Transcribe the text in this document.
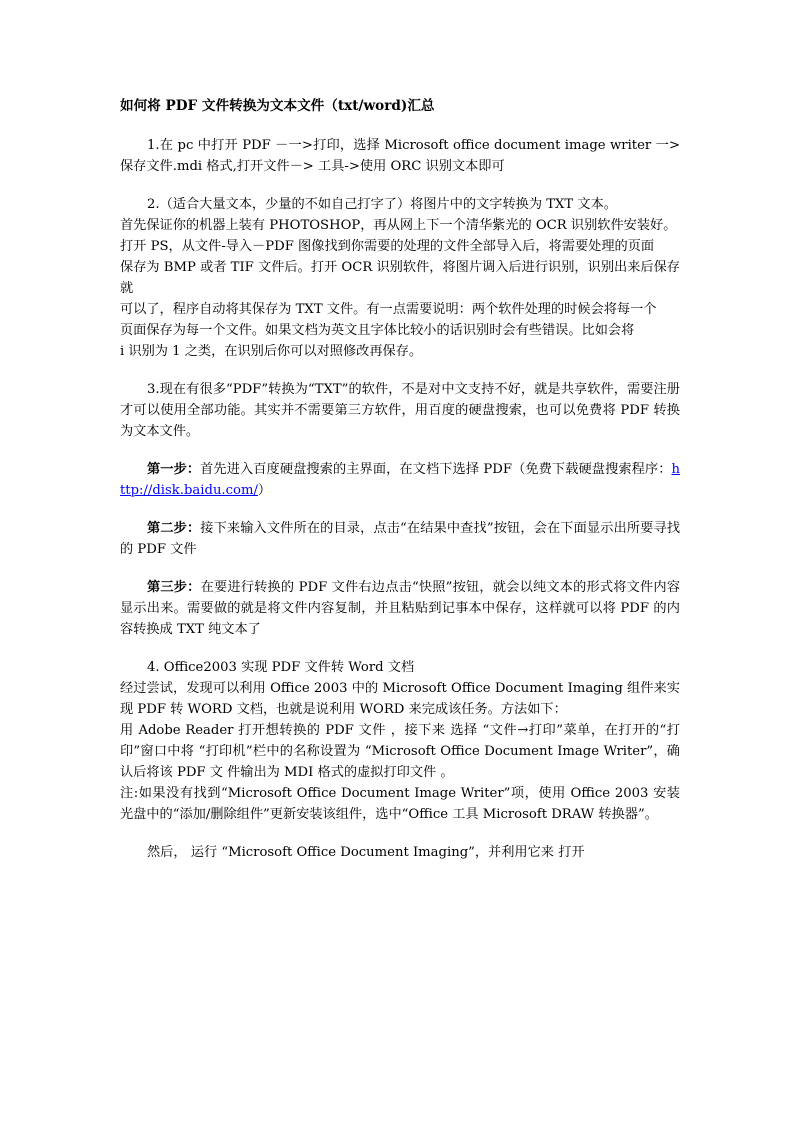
如何将 PDF 文件转换为文本文件（txt/word)汇总
1.在 pc 中打开 PDF －一>打印，选择 Microsoft office document image writer 一>保存文件.mdi 格式,打开文件－> 工具->使用 ORC 识别文本即可
2.（适合大量文本，少量的不如自己打字了）将图片中的文字转换为 TXT 文本。
首先保证你的机器上装有 PHOTOSHOP，再从网上下一个清华紫光的 OCR 识别软件安装好。
打开 PS，从文件-导入－PDF 图像找到你需要的处理的文件全部导入后，将需要处理的页面
保存为 BMP 或者 TIF 文件后。打开 OCR 识别软件，将图片调入后进行识别，识别出来后保存就
可以了，程序自动将其保存为 TXT 文件。有一点需要说明：两个软件处理的时候会将每一个
页面保存为每一个文件。如果文档为英文且字体比较小的话识别时会有些错误。比如会将
i 识别为 1 之类，在识别后你可以对照修改再保存。
3.现在有很多“PDF”转换为“TXT”的软件，不是对中文支持不好，就是共享软件，需要注册才可以使用全部功能。其实并不需要第三方软件，用百度的硬盘搜索，也可以免费将 PDF 转换为文本文件。
第一步：首先进入百度硬盘搜索的主界面，在文档下选择 PDF（免费下载硬盘搜索程序：http://disk.baidu.com/）
第二步：接下来输入文件所在的目录，点击“在结果中查找”按钮，会在下面显示出所要寻找的 PDF 文件
第三步：在要进行转换的 PDF 文件右边点击“快照”按钮，就会以纯文本的形式将文件内容显示出来。需要做的就是将文件内容复制，并且粘贴到记事本中保存，这样就可以将 PDF 的内容转换成 TXT 纯文本了
4. Office2003 实现 PDF 文件转 Word 文档
经过尝试，发现可以利用 Office 2003 中的 Microsoft Office Document Imaging 组件来实现 PDF 转 WORD 文档，也就是说利用 WORD 来完成该任务。方法如下：
用 Adobe Reader 打开想转换的 PDF 文件 ，接下来 选择 “文件→打印”菜单，在打开的“打印”窗口中将 “打印机”栏中的名称设置为 “Microsoft Office Document Image Writer”，确认后将该 PDF 文 件输出为 MDI 格式的虚拟打印文件 。
注:如果没有找到“Microsoft Office Document Image Writer”项，使用 Office 2003 安装光盘中的“添加/删除组件”更新安装该组件，选中“Office 工具 Microsoft DRAW 转换器”。
然后， 运行 “Microsoft Office Document Imaging”，并利用它来 打开
